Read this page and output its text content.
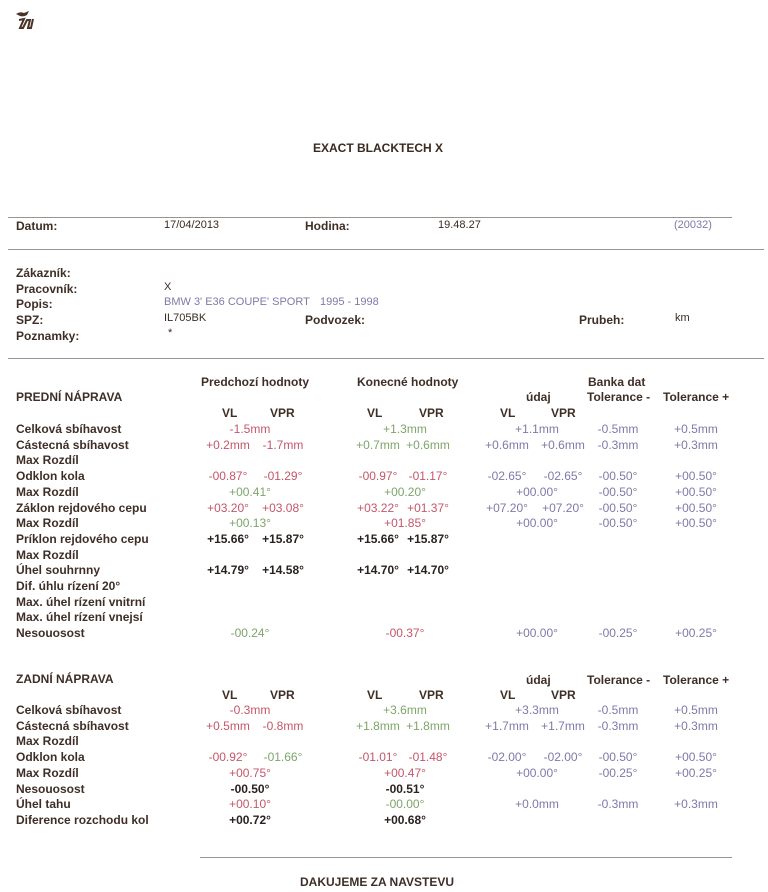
EXACT BLACKTECH X
Datum:	17/04/2013	Hodina:	19.48.27	(20032)
Zákazník:
Pracovník:	X
Popis:	BMW 3' E36 COUPE' SPORT 1995 - 1998
SPZ:	IL705BK	Podvozek:	Prubeh:	km
Poznamky:	*
Predchozí hodnoty	Konecné hodnoty	Banka dat
PREDNÍ NÁPRAVA	údaj	Tolerance - Tolerance +
VL	VPR	VL	VPR	VL	VPR
Celková sbíhavost	-1.5mm	+1.3mm	+1.1mm	-0.5mm	+0.5mm
Cástecná sbíhavost	+0.2mm	-1.7mm	+0.7mm +0.6mm	+0.6mm	+0.6mm	-0.3mm	+0.3mm
Max Rozdíl
Odklon kola	-00.87°	-01.29°	-00.97° -01.17°	-02.65°	-02.65°	-00.50°	+00.50°
Max Rozdíl	+00.41°	+00.20°	+00.00°	-00.50°	+00.50°
Záklon rejdového cepu	+03.20°	+03.08°	+03.22° +01.37°	+07.20°	+07.20°	-00.50°	+00.50°
Max Rozdíl	+00.13°	+01.85°	+00.00°	-00.50°	+00.50°
Príklon rejdového cepu	+15.66°	+15.87°	+15.66° +15.87°
Max Rozdíl
Úhel souhrnny	+14.79°	+14.58°	+14.70° +14.70°
Dif. úhlu rízení 20°
Max. úhel rízení vnitrní
Max. úhel rízení vnejsí
Nesouosost	-00.24°	-00.37°	+00.00°	-00.25°	+00.25°
ZADNÍ NÁPRAVA	údaj	Tolerance - Tolerance +
VL	VPR	VL	VPR	VL	VPR
Celková sbíhavost	-0.3mm	+3.6mm	+3.3mm	-0.5mm	+0.5mm
Cástecná sbíhavost	+0.5mm	-0.8mm	+1.8mm +1.8mm	+1.7mm	+1.7mm	-0.3mm	+0.3mm
Max Rozdíl
Odklon kola	-00.92°	-01.66°	-01.01° -01.48°	-02.00°	-02.00°	-00.50°	+00.50°
Max Rozdíl	+00.75°	+00.47°	+00.00°	-00.25°	+00.25°
Nesouosost	-00.50°	-00.51°
Úhel tahu	+00.10°	-00.00°	+0.0mm	-0.3mm	+0.3mm
Diference rozchodu kol	+00.72°	+00.68°
DAKUJEME ZA NAVSTEVU
